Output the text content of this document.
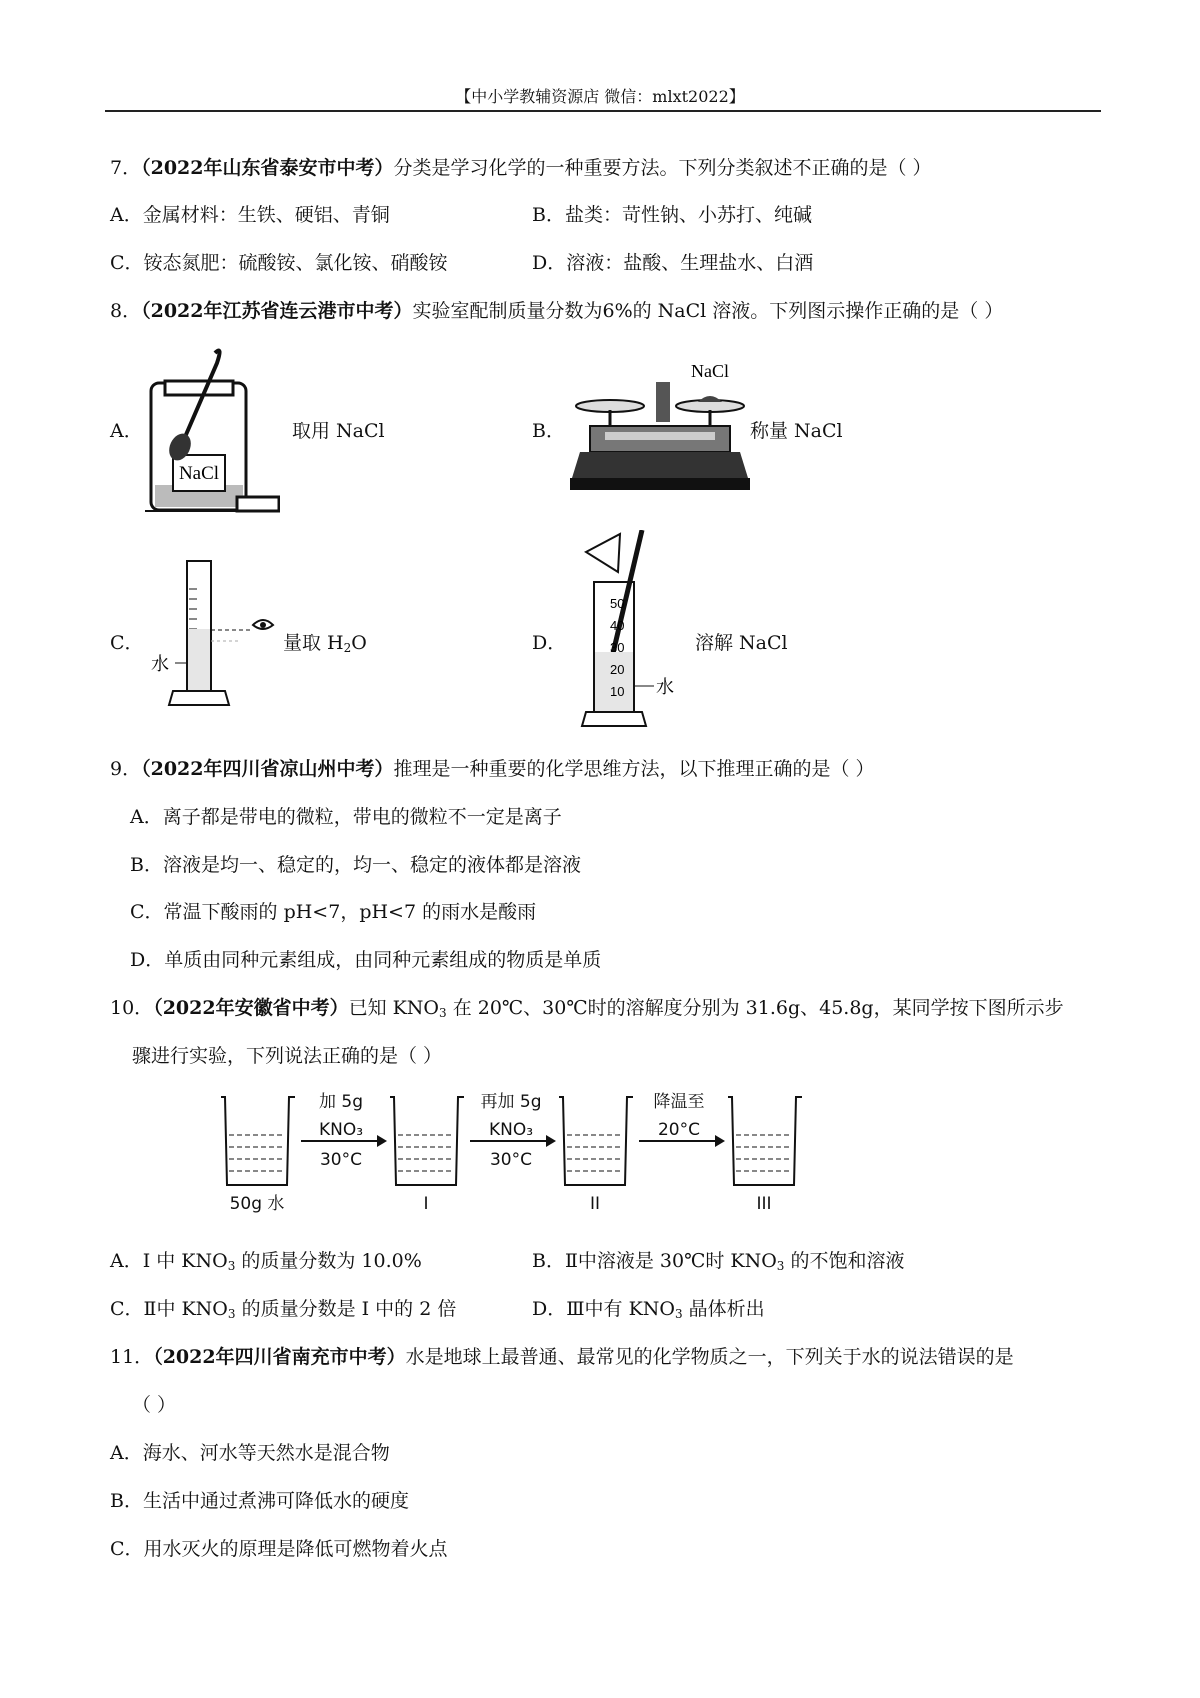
【中小学教辅资源店 微信：mlxt2022】
7．（2022年山东省泰安市中考）分类是学习化学的一种重要方法。下列分类叙述不正确的是（ ）
A．金属材料：生铁、硬铝、青铜	B．盐类：苛性钠、小苏打、纯碱
C．铵态氮肥：硫酸铵、氯化铵、硝酸铵	D．溶液：盐酸、生理盐水、白酒
8．（2022年江苏省连云港市中考）实验室配制质量分数为6%的 NaCl 溶液。下列图示操作正确的是（ ）
A．
NaCl
取用 NaCl	B．
NaCl
称量 NaCl
C．
水
量取 $H_2O$	D．
50
40
30
20
10 水
溶解 NaCl
9．（2022年四川省凉山州中考）推理是一种重要的化学思维方法，以下推理正确的是（ ）
A．离子都是带电的微粒，带电的微粒不一定是离子
B．溶液是均一、稳定的，均一、稳定的液体都是溶液
C．常温下酸雨的 pH<7，pH<7 的雨水是酸雨
D．单质由同种元素组成，由同种元素组成的物质是单质
10．（2022年安徽省中考）已知 $KNO_3$ 在 20℃、30℃时的溶解度分别为 31.6g、45.8g，某同学按下图所示步
骤进行实验，下列说法正确的是（ ）
加 5g
KNO₃
30°C
再加 5g
KNO₃
30°C
降温至
20°C
50g 水	I	II	III
A．I 中 $KNO_3$ 的质量分数为 10.0%	B．Ⅱ中溶液是 30℃时 $KNO_3$ 的不饱和溶液
C．Ⅱ中 $KNO_3$ 的质量分数是 I 中的 2 倍	D．Ⅲ中有 $KNO_3$ 晶体析出
11．（2022年四川省南充市中考）水是地球上最普通、最常见的化学物质之一，下列关于水的说法错误的是
（ ）
A．海水、河水等天然水是混合物
B．生活中通过煮沸可降低水的硬度
C．用水灭火的原理是降低可燃物着火点
